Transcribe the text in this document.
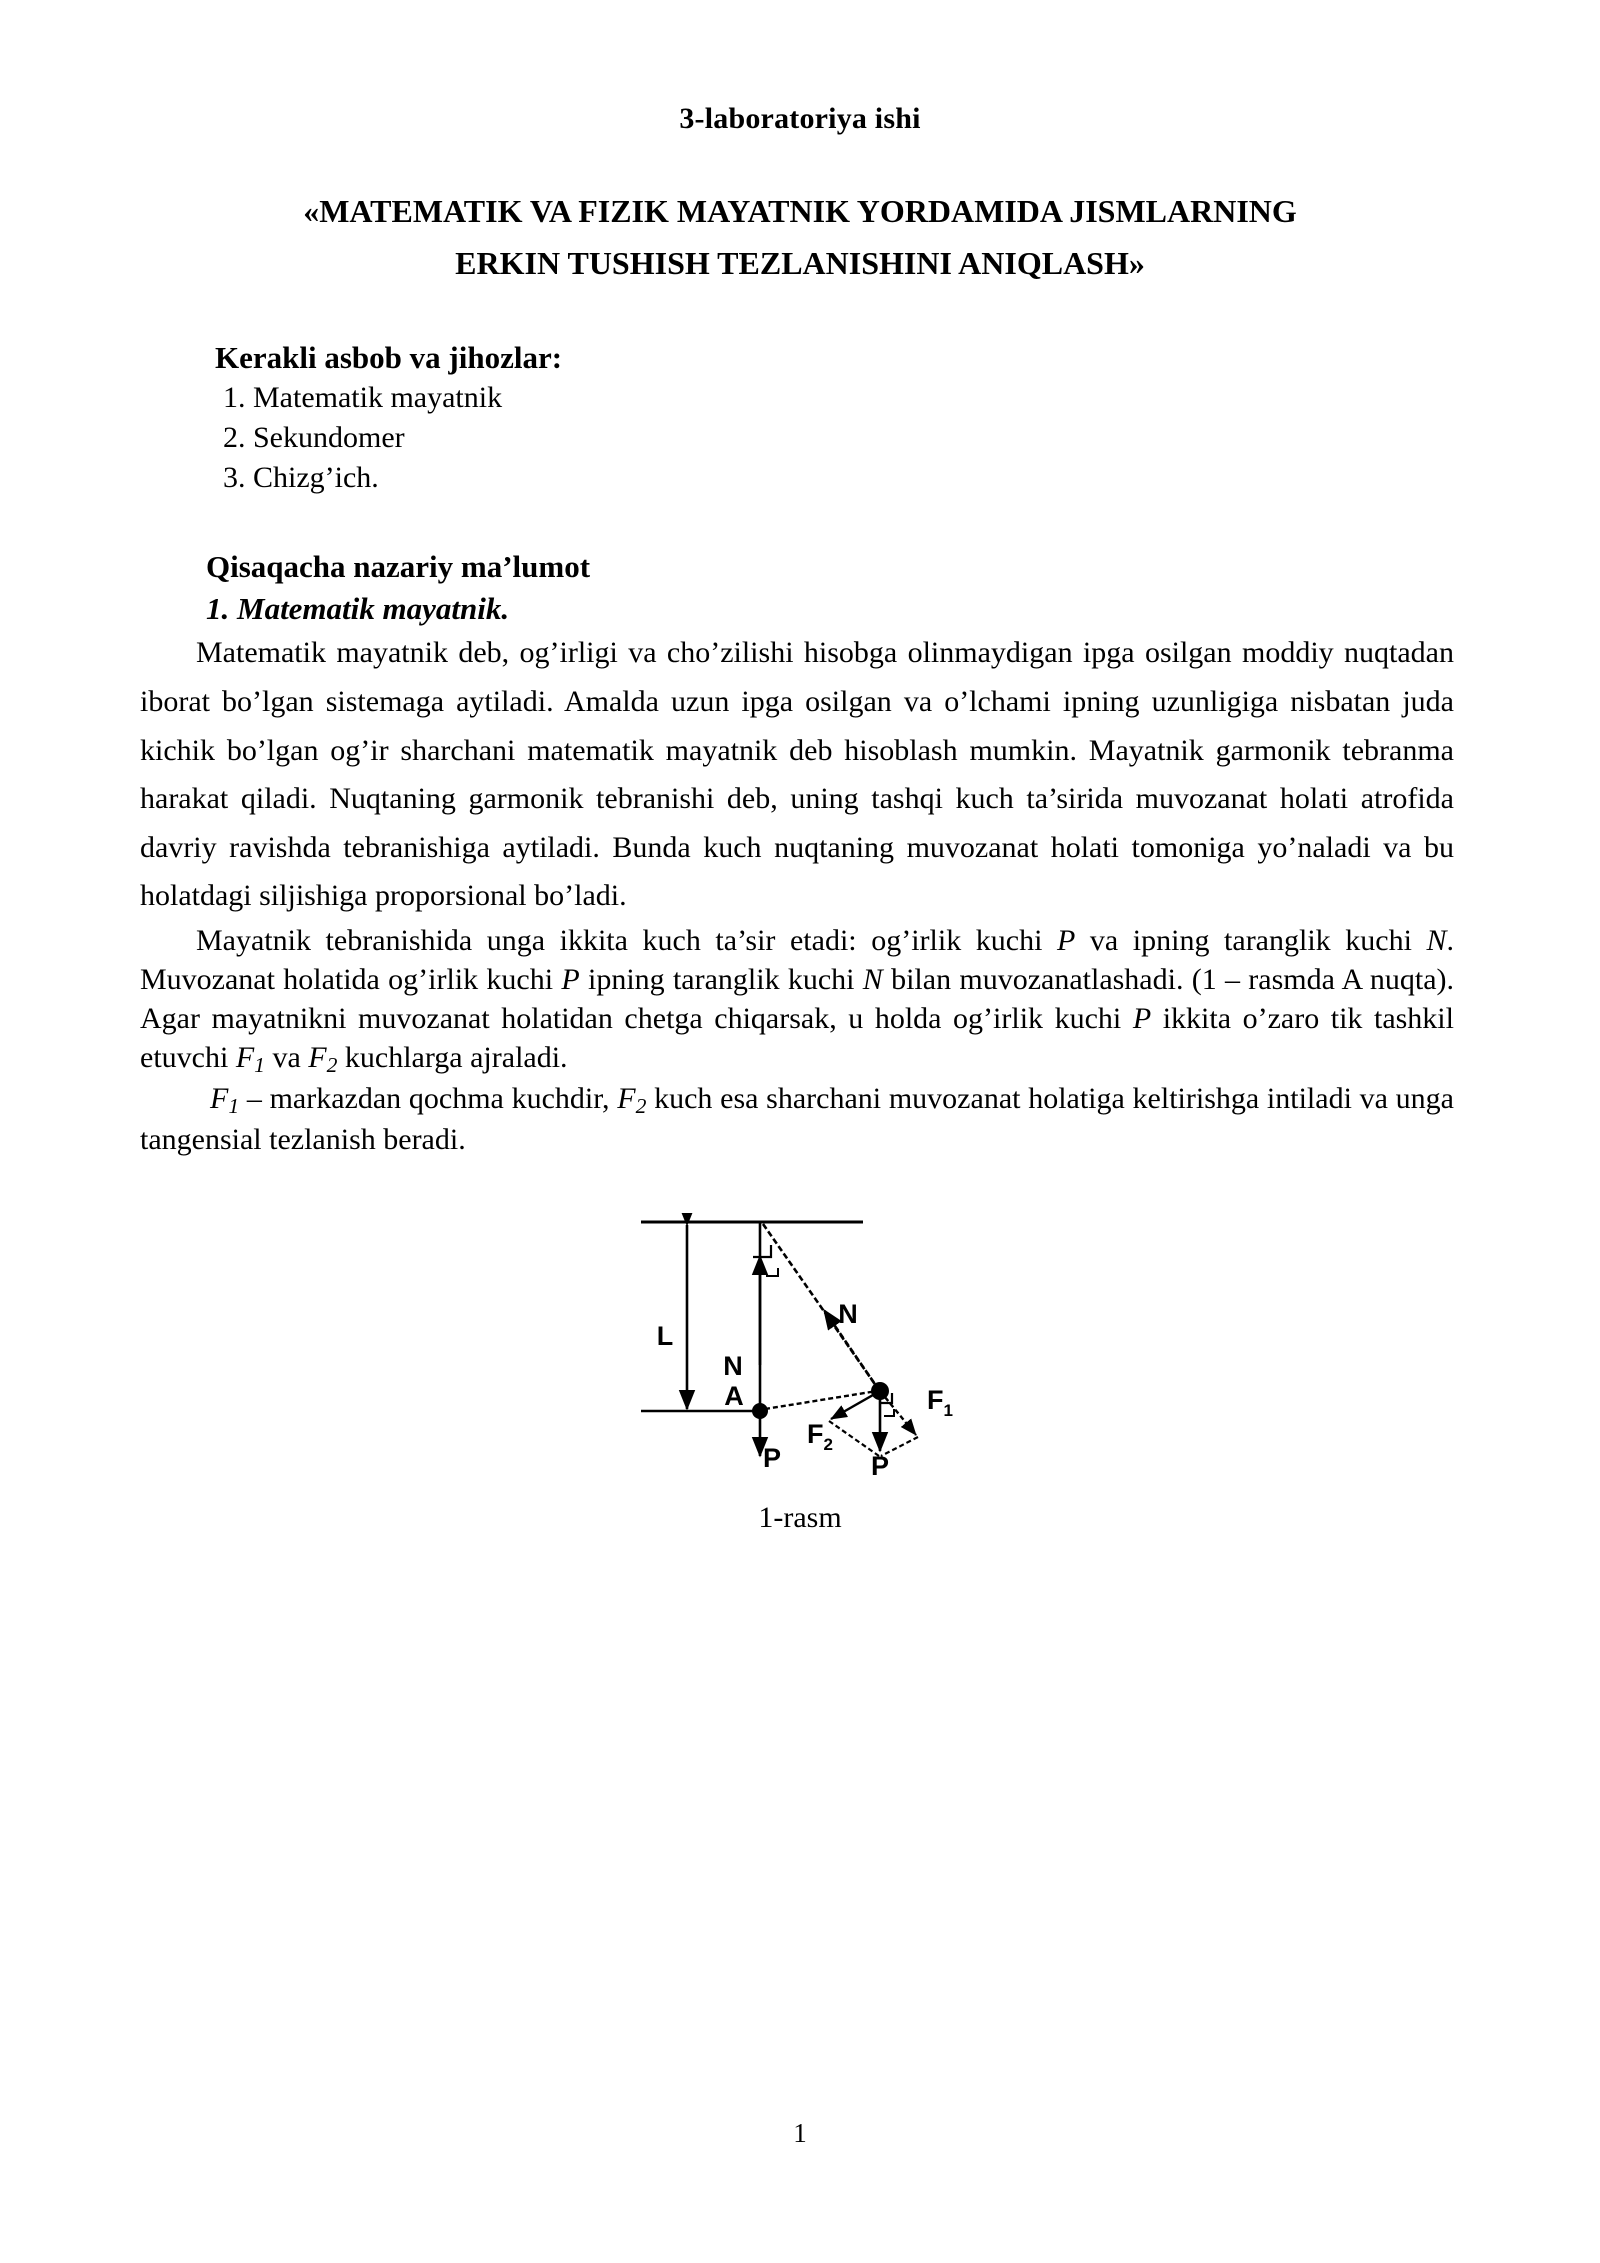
3-laboratoriya ishi
«MATEMATIK VA FIZIK MAYATNIK YORDAMIDA JISMLARNING
ERKIN TUSHISH TEZLANISHINI ANIQLASH»
Kerakli asbob va jihozlar:
1. Matematik mayatnik
2. Sekundomer
3. Chizg’ich.
Qisaqacha nazariy ma’lumot
1. Matematik mayatnik.

Matematik mayatnik deb, og’irligi va cho’zilishi hisobga olinmaydigan ipga osilgan moddiy nuqtadan iborat bo’lgan sistemaga aytiladi. Amalda uzun ipga osilgan va o’lchami ipning uzunligiga nisbatan juda kichik bo’lgan og’ir sharchani matematik mayatnik deb hisoblash mumkin. Mayatnik garmonik tebranma harakat qiladi. Nuqtaning garmonik tebranishi deb, uning tashqi kuch ta’sirida muvozanat holati atrofida davriy ravishda tebranishiga aytiladi. Bunda kuch nuqtaning muvozanat holati tomoniga yo’naladi va bu holatdagi siljishiga proporsional bo’ladi.

Mayatnik tebranishida unga ikkita kuch ta’sir etadi: og’irlik kuchi P va ipning taranglik kuchi N. Muvozanat holatida og’irlik kuchi P ipning taranglik kuchi N bilan muvozanatlashadi. (1 – rasmda A nuqta). Agar mayatnikni muvozanat holatidan chetga chiqarsak, u holda og’irlik kuchi P ikkita o’zaro tik tashkil etuvchi $F_1$ va $F_2$ kuchlarga ajraladi.

$F_1$ – markazdan qochma kuchdir, $F_2$ kuch esa sharchani muvozanat holatiga keltirishga intiladi va unga tangensial tezlanish beradi.

L
N
N
A
P	P
F1
F2

1-rasm

1
